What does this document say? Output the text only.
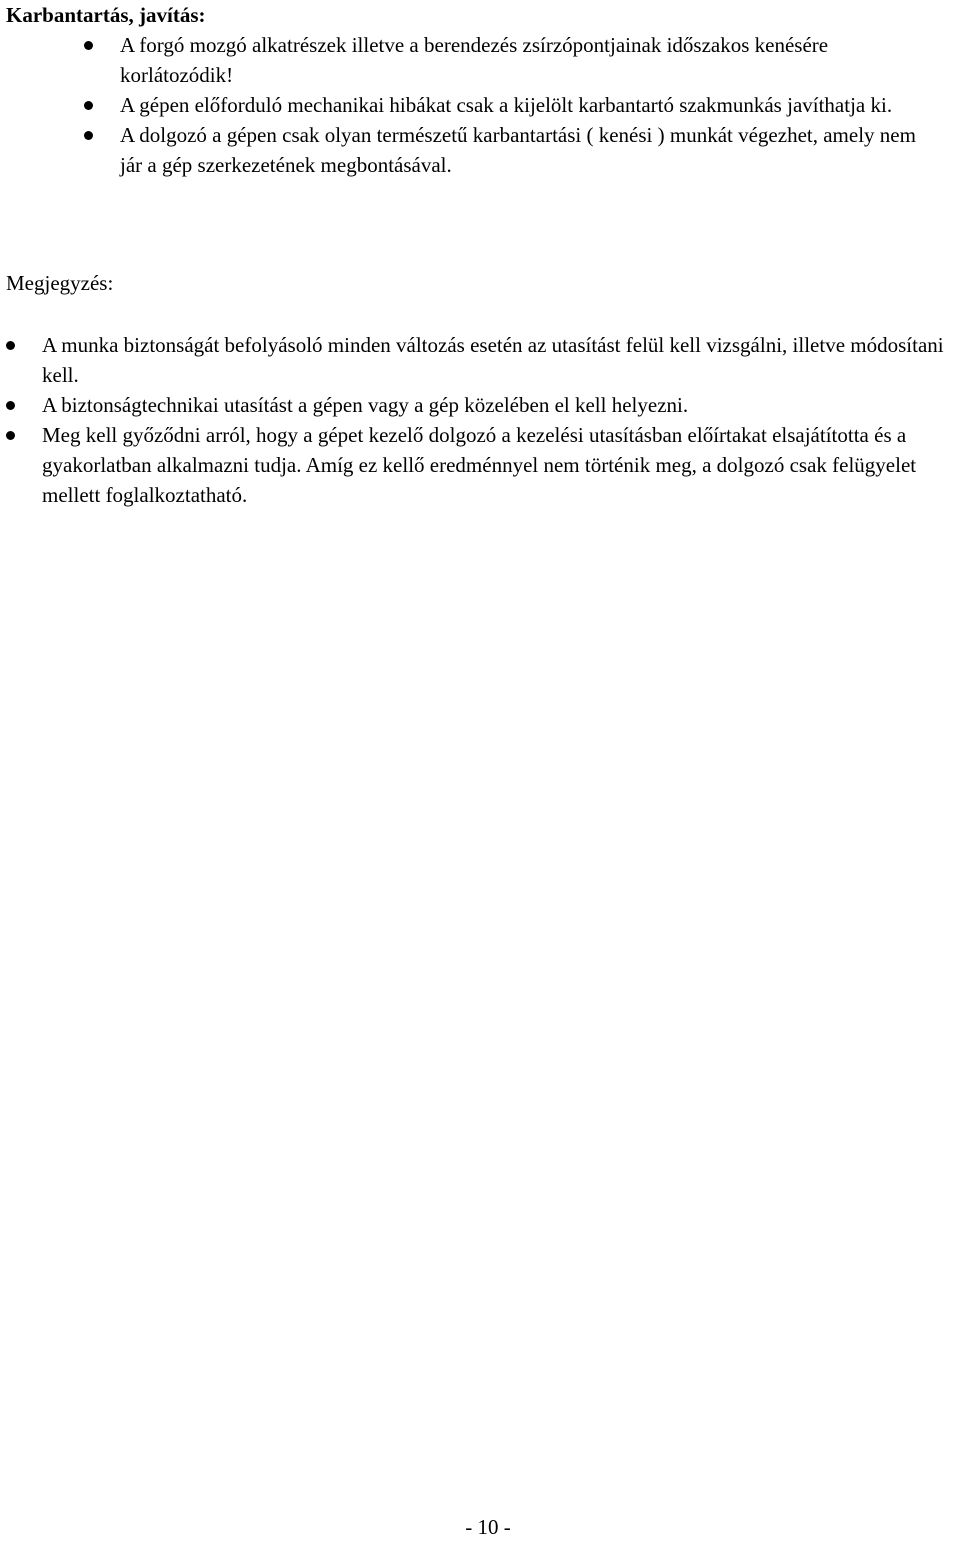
Karbantartás, javítás:
A forgó mozgó alkatrészek illetve a berendezés zsírzópontjainak időszakos kenésére korlátozódik!
A gépen előforduló mechanikai hibákat csak a kijelölt karbantartó szakmunkás javíthatja ki.
A dolgozó a gépen csak olyan természetű karbantartási ( kenési ) munkát végezhet, amely nem jár a gép szerkezetének megbontásával.
Megjegyzés:
A munka biztonságát befolyásoló minden változás esetén az utasítást felül kell vizsgálni, illetve módosítani kell.
A biztonságtechnikai utasítást a gépen vagy a gép közelében el kell helyezni.
Meg kell győződni arról, hogy a gépet kezelő dolgozó a kezelési utasításban előírtakat elsajátította és a gyakorlatban alkalmazni tudja. Amíg ez kellő eredménnyel nem történik meg, a dolgozó csak felügyelet mellett foglalkoztatható.
- 10 -
